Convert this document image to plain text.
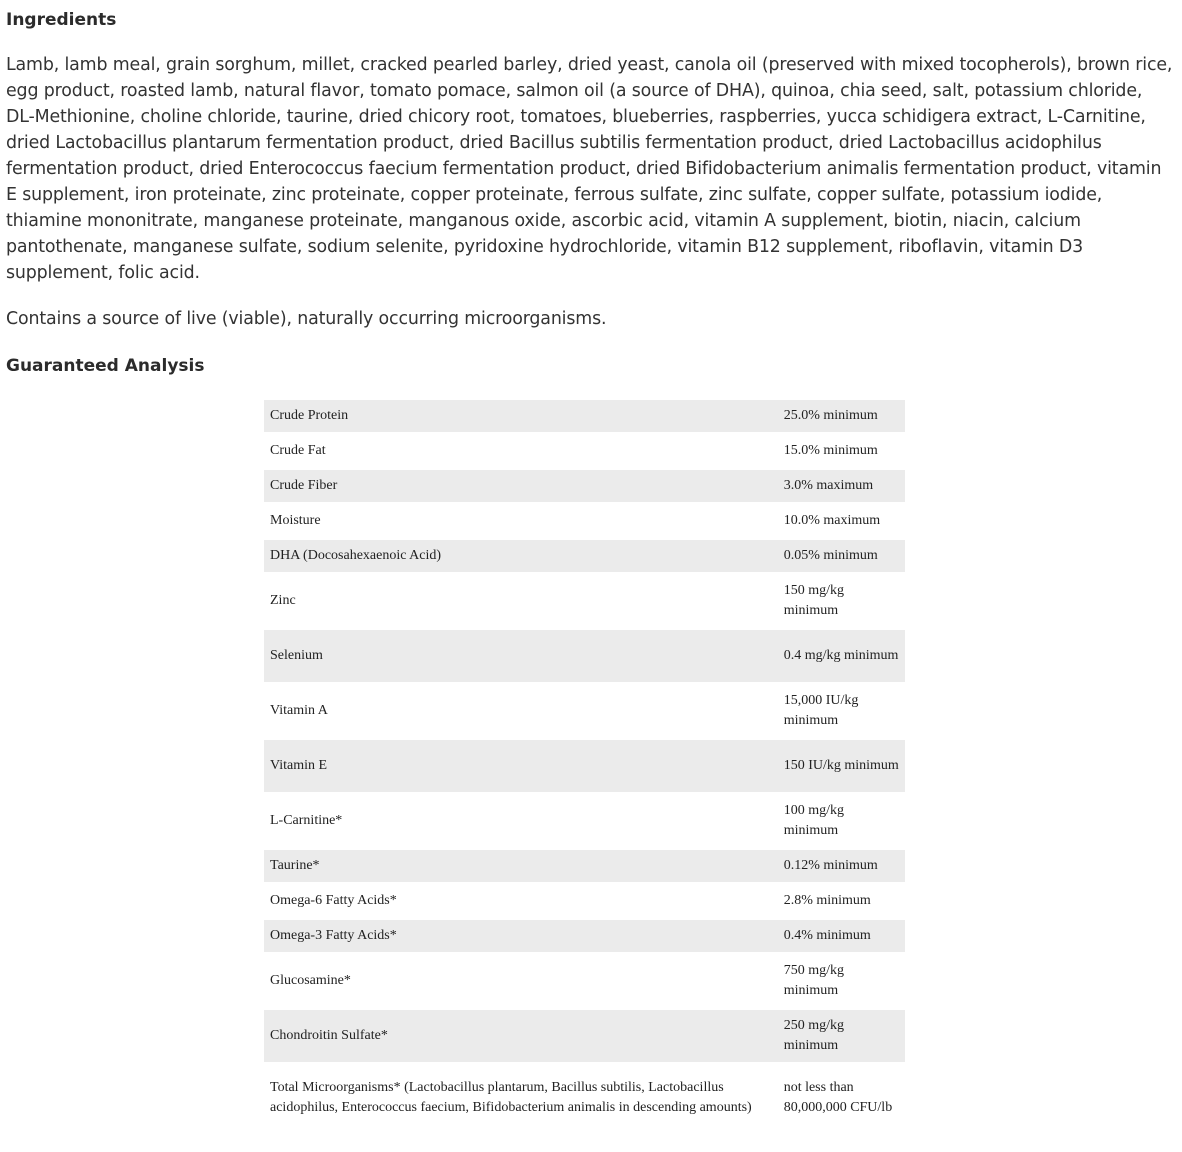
Ingredients

Lamb, lamb meal, grain sorghum, millet, cracked pearled barley, dried yeast, canola oil (preserved with mixed tocopherols), brown rice, egg product, roasted lamb, natural flavor, tomato pomace, salmon oil (a source of DHA), quinoa, chia seed, salt, potassium chloride, DL-Methionine, choline chloride, taurine, dried chicory root, tomatoes, blueberries, raspberries, yucca schidigera extract, L-Carnitine, dried Lactobacillus plantarum fermentation product, dried Bacillus subtilis fermentation product, dried Lactobacillus acidophilus fermentation product, dried Enterococcus faecium fermentation product, dried Bifidobacterium animalis fermentation product, vitamin E supplement, iron proteinate, zinc proteinate, copper proteinate, ferrous sulfate, zinc sulfate, copper sulfate, potassium iodide, thiamine mononitrate, manganese proteinate, manganous oxide, ascorbic acid, vitamin A supplement, biotin, niacin, calcium pantothenate, manganese sulfate, sodium selenite, pyridoxine hydrochloride, vitamin B12 supplement, riboflavin, vitamin D3 supplement, folic acid.

Contains a source of live (viable), naturally occurring microorganisms.

Guaranteed Analysis
Crude Protein	25.0% minimum
Crude Fat	15.0% minimum
Crude Fiber	3.0% maximum
Moisture	10.0% maximum
DHA (Docosahexaenoic Acid)	0.05% minimum
Zinc	150 mg/kg minimum
Selenium	0.4 mg/kg minimum
Vitamin A	15,000 IU/kg minimum
Vitamin E	150 IU/kg minimum
L-Carnitine*	100 mg/kg minimum
Taurine*	0.12% minimum
Omega-6 Fatty Acids*	2.8% minimum
Omega-3 Fatty Acids*	0.4% minimum
Glucosamine*	750 mg/kg minimum
Chondroitin Sulfate*	250 mg/kg minimum
Total Microorganisms* (Lactobacillus plantarum, Bacillus subtilis, Lactobacillus acidophilus, Enterococcus faecium, Bifidobacterium animalis in descending amounts)	not less than 80,000,000 CFU/lb
